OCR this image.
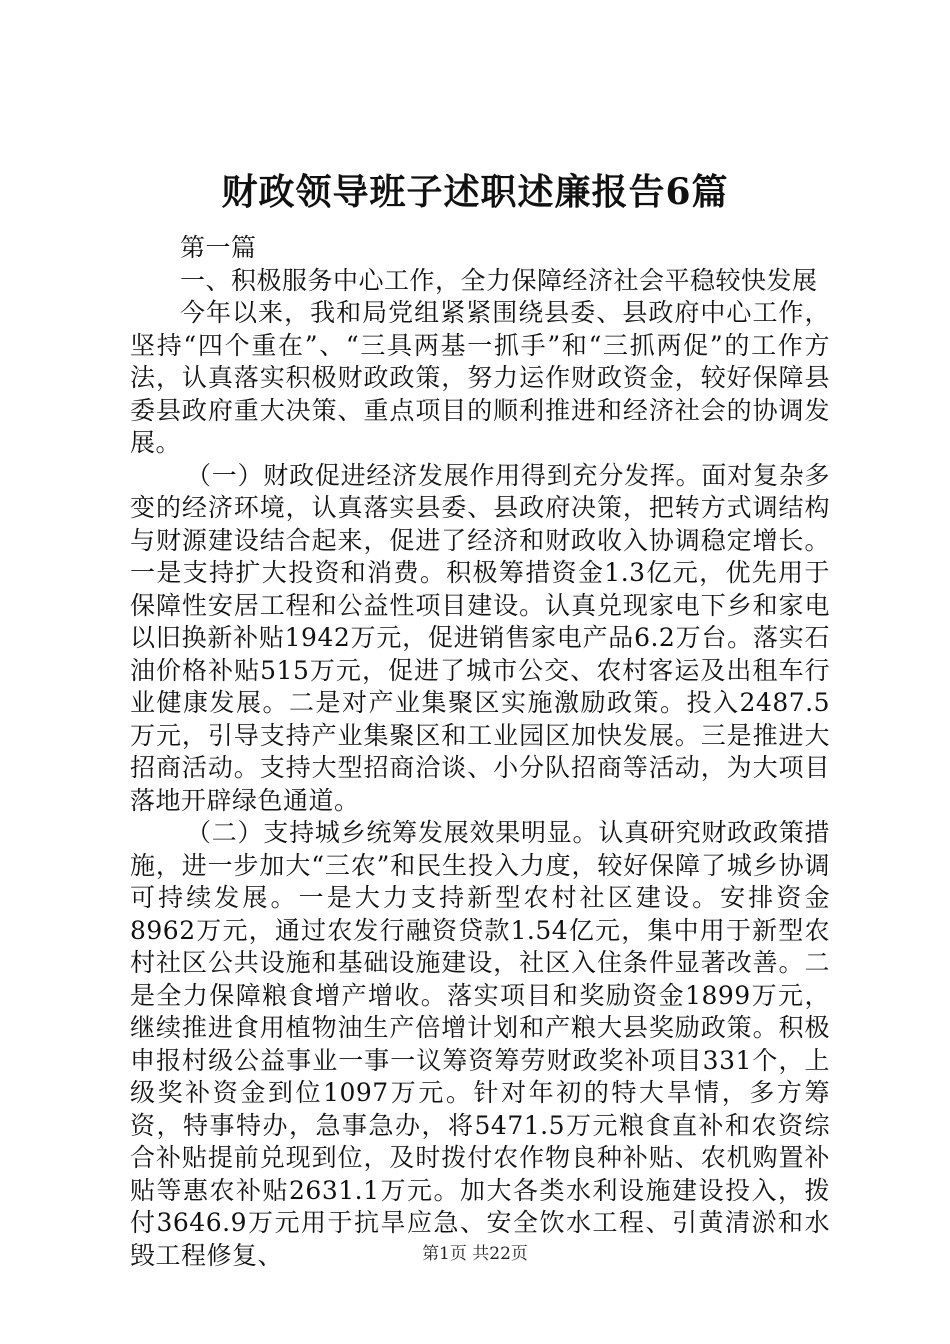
财政领导班子述职述廉报告6篇

第一篇

一、积极服务中心工作，全力保障经济社会平稳较快发展

今年以来，我和局党组紧紧围绕县委、县政府中心工作，坚持“四个重在”、“三具两基一抓手”和“三抓两促”的工作方法，认真落实积极财政政策，努力运作财政资金，较好保障县委县政府重大决策、重点项目的顺利推进和经济社会的协调发展。

（一）财政促进经济发展作用得到充分发挥。面对复杂多变的经济环境，认真落实县委、县政府决策，把转方式调结构与财源建设结合起来，促进了经济和财政收入协调稳定增长。一是支持扩大投资和消费。积极筹措资金1.3亿元，优先用于保障性安居工程和公益性项目建设。认真兑现家电下乡和家电以旧换新补贴1942万元，促进销售家电产品6.2万台。落实石油价格补贴515万元，促进了城市公交、农村客运及出租车行业健康发展。二是对产业集聚区实施激励政策。投入2487.5万元，引导支持产业集聚区和工业园区加快发展。三是推进大招商活动。支持大型招商洽谈、小分队招商等活动，为大项目落地开辟绿色通道。

（二）支持城乡统筹发展效果明显。认真研究财政政策措施，进一步加大“三农”和民生投入力度，较好保障了城乡协调可持续发展。一是大力支持新型农村社区建设。安排资金8962万元，通过农发行融资贷款1.54亿元，集中用于新型农村社区公共设施和基础设施建设，社区入住条件显著改善。二是全力保障粮食增产增收。落实项目和奖励资金1899万元，继续推进食用植物油生产倍增计划和产粮大县奖励政策。积极申报村级公益事业一事一议筹资筹劳财政奖补项目331个，上级奖补资金到位1097万元。针对年初的特大旱情，多方筹资，特事特办，急事急办，将5471.5万元粮食直补和农资综合补贴提前兑现到位，及时拨付农作物良种补贴、农机购置补贴等惠农补贴2631.1万元。加大各类水利设施建设投入，拨付3646.9万元用于抗旱应急、安全饮水工程、引黄清淤和水毁工程修复、	第1页 共22页
